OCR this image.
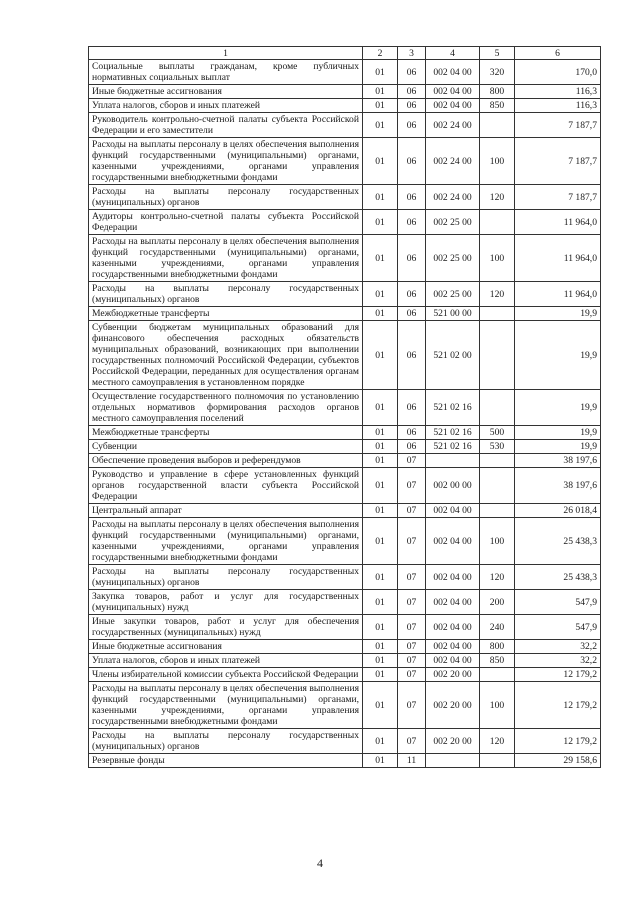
1	2	3	4	5	6
Социальные выплаты гражданам, кроме публичных нормативных социальных выплат	01	06	002 04 00	320	170,0
Иные бюджетные ассигнования	01	06	002 04 00	800	116,3
Уплата налогов, сборов и иных платежей	01	06	002 04 00	850	116,3
Руководитель контрольно-счетной палаты субъекта Российской Федерации и его заместители	01	06	002 24 00		7 187,7
Расходы на выплаты персоналу в целях обеспечения выполнения функций государственными (муниципальными) органами, казенными учреждениями, органами управления государственными внебюджетными фондами	01	06	002 24 00	100	7 187,7
Расходы на выплаты персоналу государственных (муниципальных) органов	01	06	002 24 00	120	7 187,7
Аудиторы контрольно-счетной палаты субъекта Российской Федерации	01	06	002 25 00		11 964,0
Расходы на выплаты персоналу в целях обеспечения выполнения функций государственными (муниципальными) органами, казенными учреждениями, органами управления государственными внебюджетными фондами	01	06	002 25 00	100	11 964,0
Расходы на выплаты персоналу государственных (муниципальных) органов	01	06	002 25 00	120	11 964,0
Межбюджетные трансферты	01	06	521 00 00		19,9
Субвенции бюджетам муниципальных образований для финансового обеспечения расходных обязательств муниципальных образований, возникающих при выполнении государственных полномочий Российской Федерации, субъектов Российской Федерации, переданных для осуществления органам местного самоуправления в установленном порядке	01	06	521 02 00		19,9
Осуществление государственного полномочия по установлению отдельных нормативов формирования расходов органов местного самоуправления поселений	01	06	521 02 16		19,9
Межбюджетные трансферты	01	06	521 02 16	500	19,9
Субвенции	01	06	521 02 16	530	19,9
Обеспечение проведения выборов и референдумов	01	07			38 197,6
Руководство и управление в сфере установленных функций органов государственной власти субъекта Российской Федерации	01	07	002 00 00		38 197,6
Центральный аппарат	01	07	002 04 00		26 018,4
Расходы на выплаты персоналу в целях обеспечения выполнения функций государственными (муниципальными) органами, казенными учреждениями, органами управления государственными внебюджетными фондами	01	07	002 04 00	100	25 438,3
Расходы на выплаты персоналу государственных (муниципальных) органов	01	07	002 04 00	120	25 438,3
Закупка товаров, работ и услуг для государственных (муниципальных) нужд	01	07	002 04 00	200	547,9
Иные закупки товаров, работ и услуг для обеспечения государственных (муниципальных) нужд	01	07	002 04 00	240	547,9
Иные бюджетные ассигнования	01	07	002 04 00	800	32,2
Уплата налогов, сборов и иных платежей	01	07	002 04 00	850	32,2
Члены избирательной комиссии субъекта Российской Федерации	01	07	002 20 00		12 179,2
Расходы на выплаты персоналу в целях обеспечения выполнения функций государственными (муниципальными) органами, казенными учреждениями, органами управления государственными внебюджетными фондами	01	07	002 20 00	100	12 179,2
Расходы на выплаты персоналу государственных (муниципальных) органов	01	07	002 20 00	120	12 179,2
Резервные фонды	01	11			29 158,6
4
